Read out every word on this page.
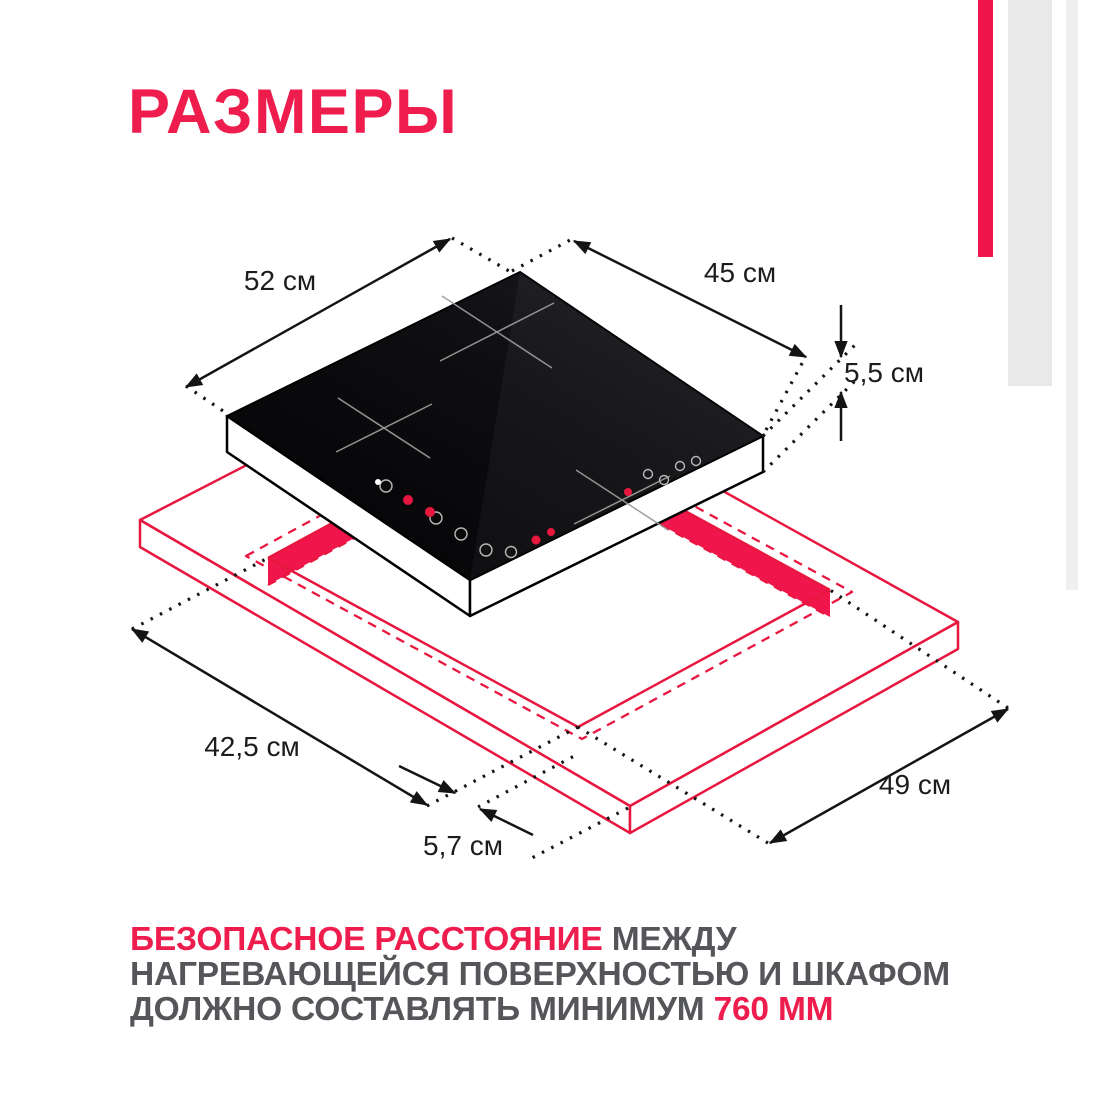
РАЗМЕРЫ
52 см	45 см
5,5 см
42,5 см
5,7 см
49 см
БЕЗОПАСНОЕ РАССТОЯНИЕ МЕЖДУ
НАГРЕВАЮЩЕЙСЯ ПОВЕРХНОСТЬЮ И ШКАФОМ
ДОЛЖНО СОСТАВЛЯТЬ МИНИМУМ 760 ММ
